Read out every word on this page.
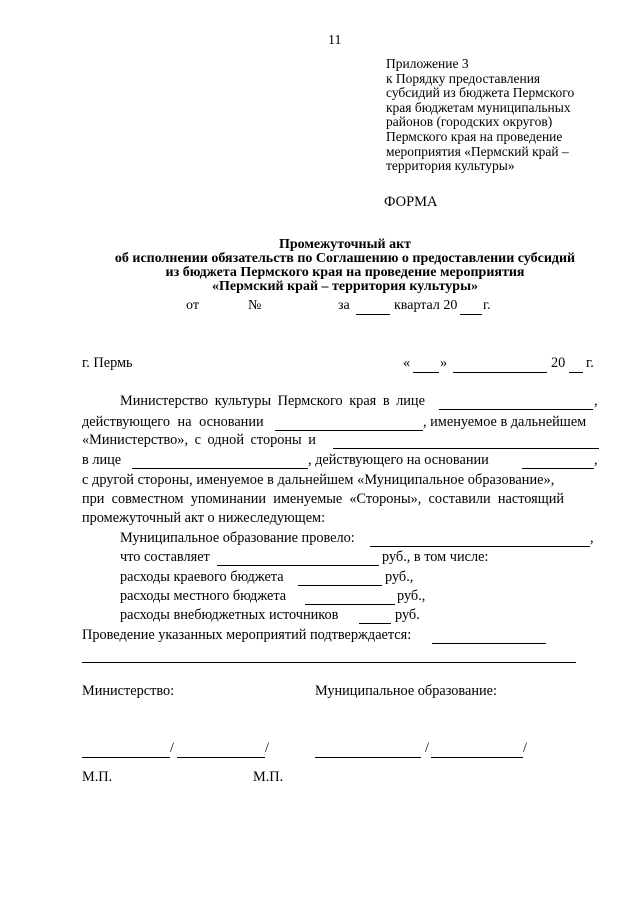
11
Приложение 3
к Порядку предоставления
субсидий из бюджета Пермского
края бюджетам муниципальных
районов (городских округов)
Пермского края на проведение
мероприятия «Пермский край –
территория культуры»
ФОРМА
Промежуточный акт
об исполнении обязательств по Соглашению о предоставлении субсидий
из бюджета Пермского края на проведение мероприятия
«Пермский край – территория культуры»
от	№	за	квартал 20 г.
г. Пермь	« »	20 г.
Министерство культуры Пермского края в лице	,
действующего на основании	, именуемое в дальнейшем
«Министерство», с одной стороны и
в лице	, действующего на основании	,
с другой стороны, именуемое в дальнейшем «Муниципальное образование»,
при совместном упоминании именуемые «Стороны», составили настоящий
промежуточный акт о нижеследующем:
Муниципальное образование провело:	,
что составляет	руб., в том числе:
расходы краевого бюджета	руб.,
расходы местного бюджета	руб.,
расходы внебюджетных источников	руб.
Проведение указанных мероприятий подтверждается:
Министерство:	Муниципальное образование:
/	/	/	/
М.П.	М.П.
